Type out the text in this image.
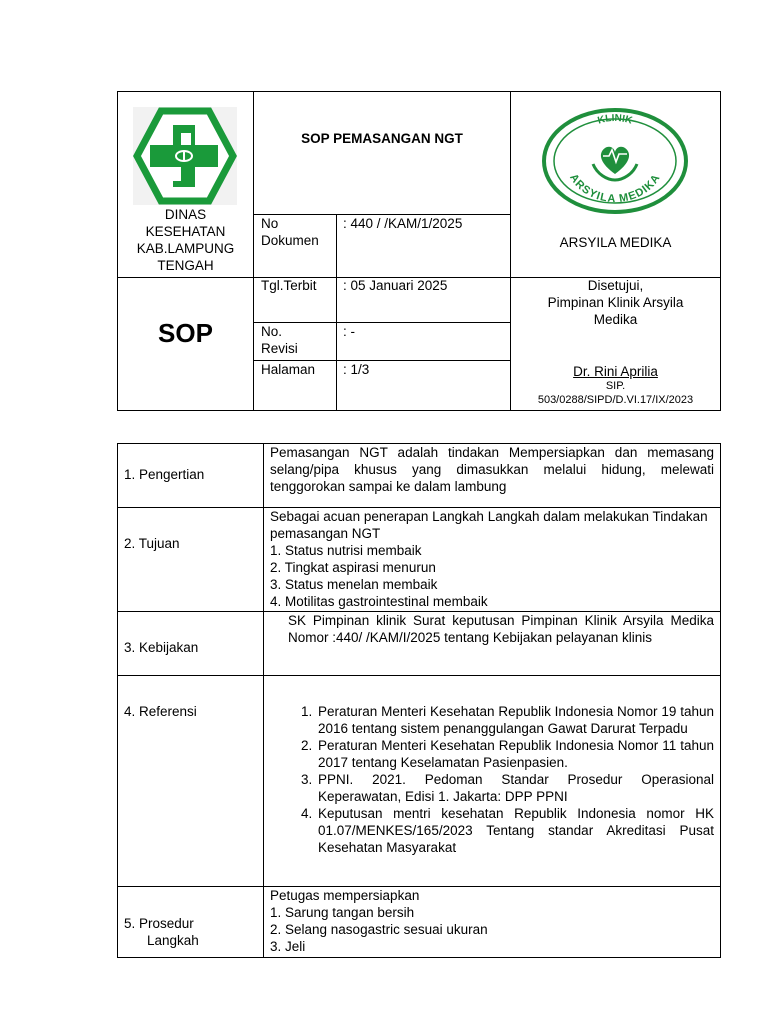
DINAS
KESEHATAN
KAB.LAMPUNG
TENGAH
SOP PEMASANGAN NGT
KLINIK
ARSYILA MEDIKA
ARSYILA MEDIKA
No
Dokumen
: 440 / /KAM/1/2025
Tgl.Terbit	: 05 Januari 2025
No.
Revisi
: -
Halaman	: 1/3
SOP
Disetujui,
Pimpinan Klinik Arsyila Medika
Dr. Rini Aprilia
SIP.
503/0288/SIPD/D.VI.17/IX/2023
1. Pengertian
Pemasangan NGT adalah tindakan Mempersiapkan dan memasang selang/pipa khusus yang dimasukkan melalui hidung, melewati tenggorokan sampai ke dalam lambung
2. Tujuan
Sebagai acuan penerapan Langkah Langkah dalam melakukan Tindakan pemasangan NGT
1. Status nutrisi membaik
2. Tingkat aspirasi menurun
3. Status menelan membaik
4. Motilitas gastrointestinal membaik
3. Kebijakan
SK Pimpinan klinik Surat keputusan Pimpinan Klinik Arsyila Medika Nomor :440/ /KAM/I/2025 tentang Kebijakan pelayanan klinis
4. Referensi
1.	Peraturan Menteri Kesehatan Republik Indonesia Nomor 19 tahun 2016 tentang sistem penanggulangan Gawat Darurat Terpadu
2. Peraturan Menteri Kesehatan Republik Indonesia Nomor 11 tahun 2017 tentang Keselamatan Pasienpasien.
3. PPNI. 2021. Pedoman Standar Prosedur Operasional Keperawatan, Edisi 1. Jakarta: DPP PPNI
4. Keputusan mentri kesehatan Republik Indonesia nomor HK 01.07/MENKES/165/2023 Tentang standar Akreditasi Pusat Kesehatan Masyarakat
5. Prosedur
Langkah
Petugas mempersiapkan
1. Sarung tangan bersih
2. Selang nasogastric sesuai ukuran
3. Jeli
